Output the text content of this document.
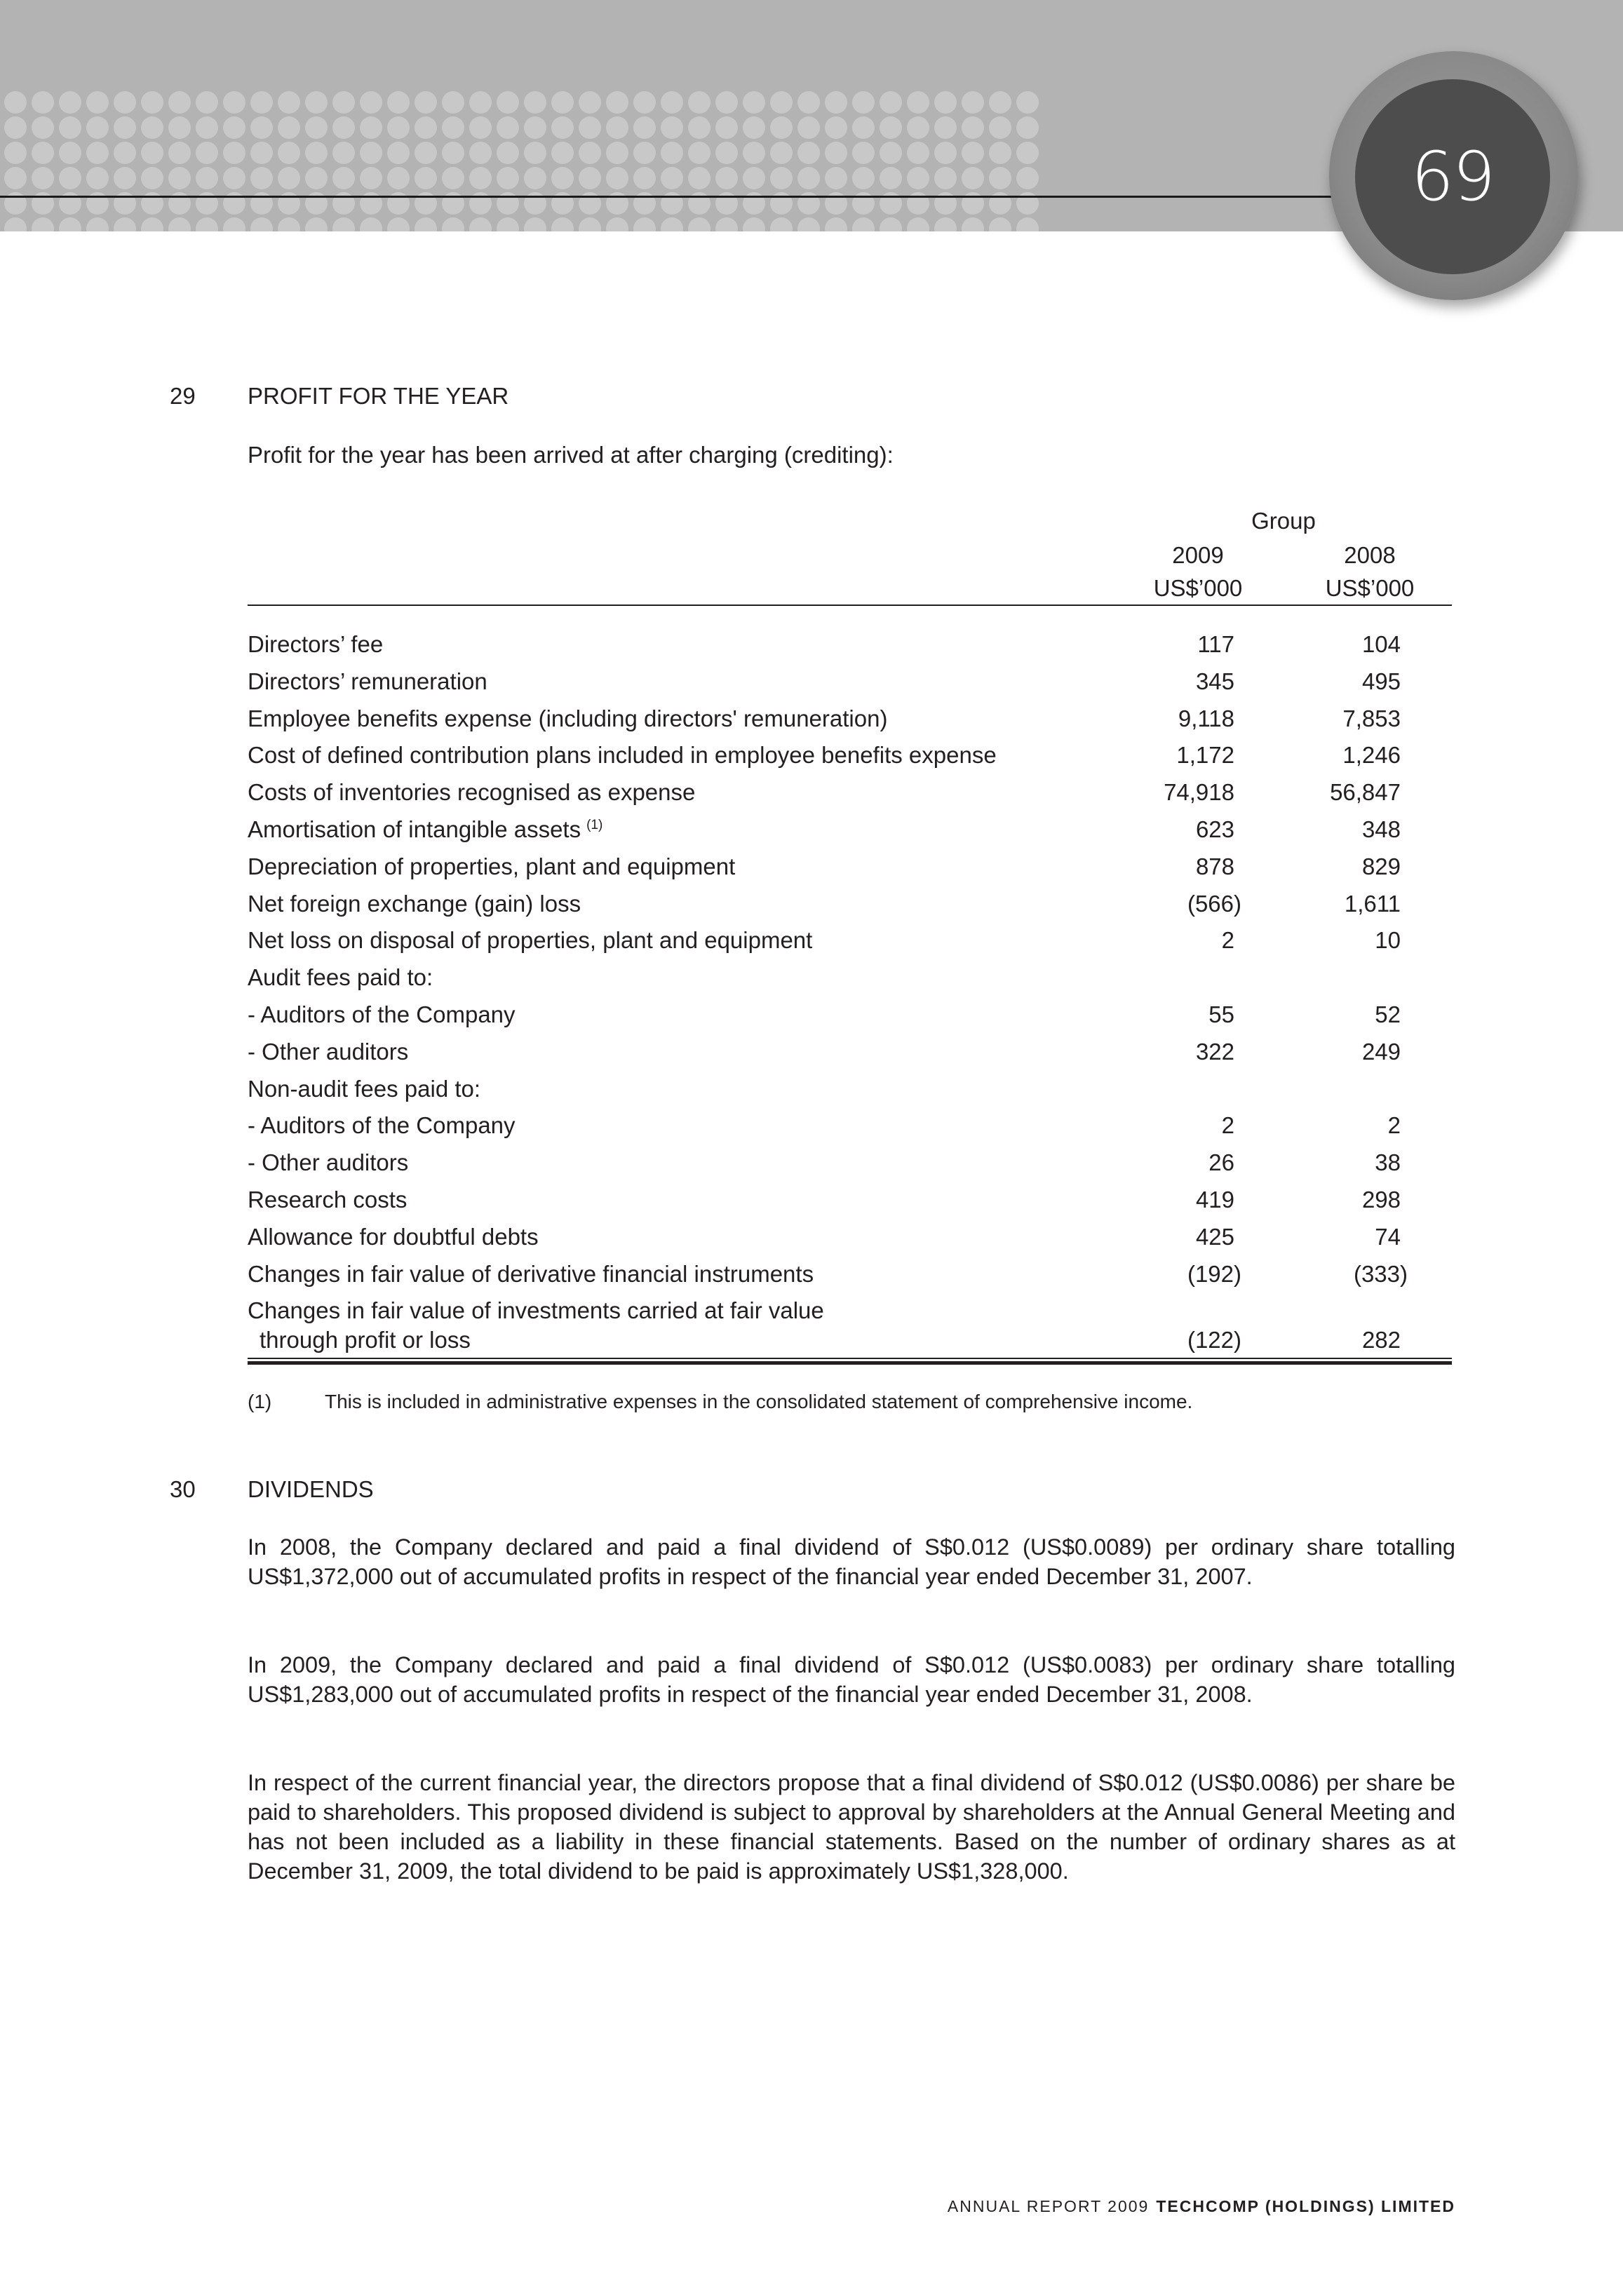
69
29 PROFIT FOR THE YEAR
Profit for the year has been arrived at after charging (crediting):
Group
2009	2008
US$’000	US$’000
Directors’ fee	117	104
Directors’ remuneration	345	495
Employee benefits expense (including directors' remuneration)	9,118	7,853
Cost of defined contribution plans included in employee benefits expense	1,172	1,246
Costs of inventories recognised as expense	74,918	56,847
Amortisation of intangible assets $^{(1)}$	623	348
Depreciation of properties, plant and equipment	878	829
Net foreign exchange (gain) loss	(566)	1,611
Net loss on disposal of properties, plant and equipment	2	10
Audit fees paid to:
- Auditors of the Company	55	52
- Other auditors	322	249
Non-audit fees paid to:
- Auditors of the Company	2	2
- Other auditors	26	38
Research costs	419	298
Allowance for doubtful debts	425	74
Changes in fair value of derivative financial instruments	(192)	(333)
Changes in fair value of investments carried at fair value
through profit or loss	(122)	282
(1)	This is included in administrative expenses in the consolidated statement of comprehensive income.
30 DIVIDENDS
In 2008, the Company declared and paid a final dividend of S$0.012 (US$0.0089) per ordinary share totalling US$1,372,000 out of accumulated profits in respect of the financial year ended December 31, 2007.
In 2009, the Company declared and paid a final dividend of S$0.012 (US$0.0083) per ordinary share totalling US$1,283,000 out of accumulated profits in respect of the financial year ended December 31, 2008.
In respect of the current financial year, the directors propose that a final dividend of S$0.012 (US$0.0086) per share be paid to shareholders. This proposed dividend is subject to approval by shareholders at the Annual General Meeting and has not been included as a liability in these financial statements. Based on the number of ordinary shares as at December 31, 2009, the total dividend to be paid is approximately US$1,328,000.
ANNUAL REPORT 2009 TECHCOMP (HOLDINGS) LIMITED
